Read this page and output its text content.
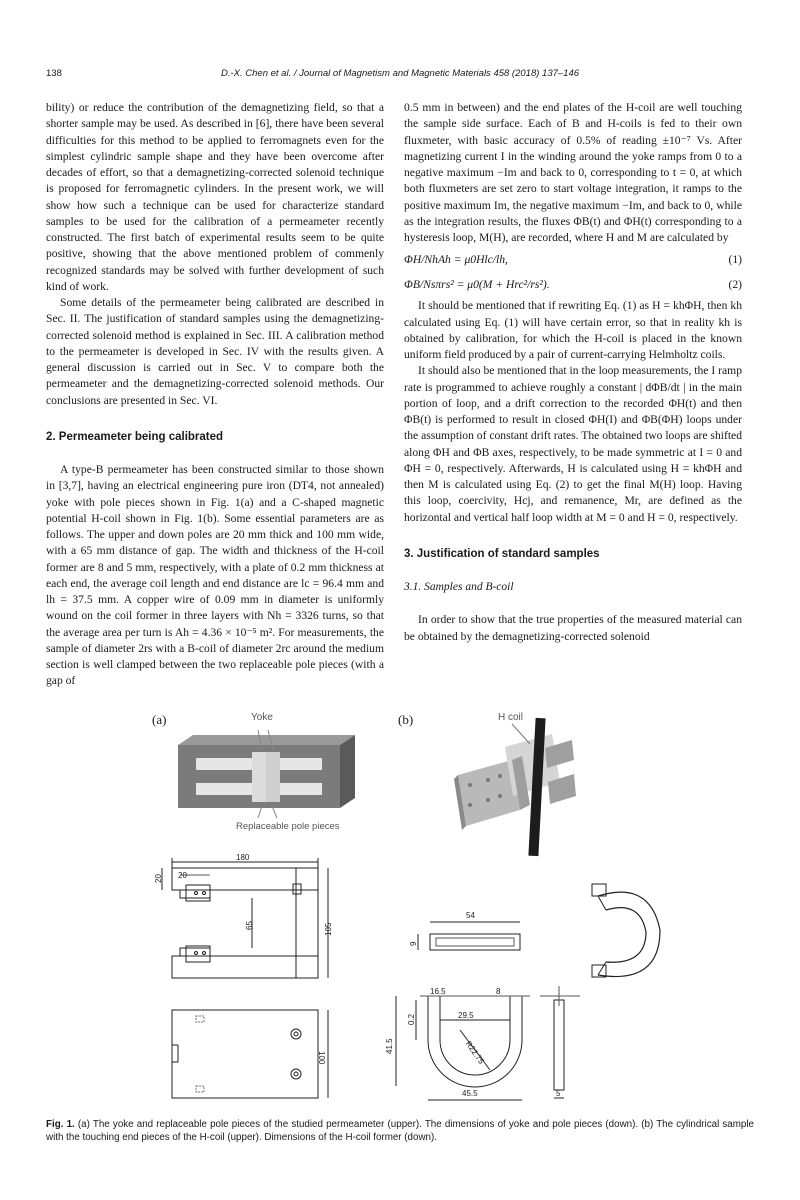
138	D.-X. Chen et al. / Journal of Magnetism and Magnetic Materials 458 (2018) 137–146

bility) or reduce the contribution of the demagnetizing field, so that a shorter sample may be used. As described in [6], there have been several difficulties for this method to be applied to ferromagnets even for the simplest cylindric sample shape and they have been overcome after decades of effort, so that a demagnetizing-corrected solenoid technique is proposed for ferromagnetic cylinders. In the present work, we will show how such a technique can be used for characterize standard samples to be used for the calibration of a permeameter recently constructed. The first batch of experimental results seem to be quite positive, showing that the above mentioned problem of commenly recognized standards may be solved with further development of such kind of work.

Some details of the permeameter being calibrated are described in Sec. II. The justification of standard samples using the demagnetizing-corrected solenoid method is explained in Sec. III. A calibration method to the permeameter is developed in Sec. IV with the results given. A general discussion is carried out in Sec. V to compare both the permeameter and the demagnetizing-corrected solenoid methods. Our conclusions are presented in Sec. VI.

2. Permeameter being calibrated

A type-B permeameter has been constructed similar to those shown in [3,7], having an electrical engineering pure iron (DT4, not annealed) yoke with pole pieces shown in Fig. 1(a) and a C-shaped magnetic potential H-coil shown in Fig. 1(b). Some essential parameters are as follows. The upper and down poles are 20 mm thick and 100 mm wide, with a 65 mm distance of gap. The width and thickness of the H-coil former are 8 and 5 mm, respectively, with a plate of 0.2 mm thickness at each end, the average coil length and end distance are lc = 96.4 mm and lh = 37.5 mm. A copper wire of 0.09 mm in diameter is uniformly wound on the coil former in three layers with Nh = 3326 turns, so that the average area per turn is Ah = 4.36 × 10⁻⁵ m². For measurements, the sample of diameter 2rs with a B-coil of diameter 2rc around the medium section is well clamped between the two replaceable pole pieces (with a gap of

0.5 mm in between) and the end plates of the H-coil are well touching the sample side surface. Each of B and H-coils is fed to their own fluxmeter, with basic accuracy of 0.5% of reading ±10⁻⁷ Vs. After magnetizing current I in the winding around the yoke ramps from 0 to a negative maximum −Im and back to 0, corresponding to t = 0, at which both fluxmeters are set zero to start voltage integration, it ramps to the positive maximum Im, the negative maximum −Im, and back to 0, while as the integration results, the fluxes ΦB(t) and ΦH(t) corresponding to a hysteresis loop, M(H), are recorded, where H and M are calculated by

ΦH/NhAh = μ0Hlc/lh,	(1)
ΦB/Nsπrs² = μ0(M + Hrc²/rs²).	(2)

It should be mentioned that if rewriting Eq. (1) as H = khΦH, then kh calculated using Eq. (1) will have certain error, so that in reality kh is obtained by calibration, for which the H-coil is placed in the known uniform field produced by a pair of current-carrying Helmholtz coils.

It should also be mentioned that in the loop measurements, the I ramp rate is programmed to achieve roughly a constant | dΦB/dt | in the main portion of loop, and a drift correction to the recorded ΦH(t) and then ΦB(t) is performed to result in closed ΦH(I) and ΦB(ΦH) loops under the assumption of constant drift rates. The obtained two loops are shifted along ΦH and ΦB axes, respectively, to be made symmetric at I = 0 and ΦH = 0, respectively. Afterwards, H is calculated using H = khΦH and then M is calculated using Eq. (2) to get the final M(H) loop. Having this loop, coercivity, Hcj, and remanence, Mr, are defined as the horizontal and vertical half loop width at M = 0 and H = 0, respectively.

3. Justification of standard samples

3.1. Samples and B-coil

In order to show that the true properties of the measured material can be obtained by the demagnetizing-corrected solenoid

(a)	(b)
Yoke
Replaceable pole pieces
H coil
180
20
20
65	105
100
54
9
16.5	8
0.2
41.5
29.5
R22.75
45.5	5
Fig. 1. (a) The yoke and replaceable pole pieces of the studied permeameter (upper). The dimensions of yoke and pole pieces (down). (b) The cylindrical sample with the touching end pieces of the H-coil (upper). Dimensions of the H-coil former (down).
